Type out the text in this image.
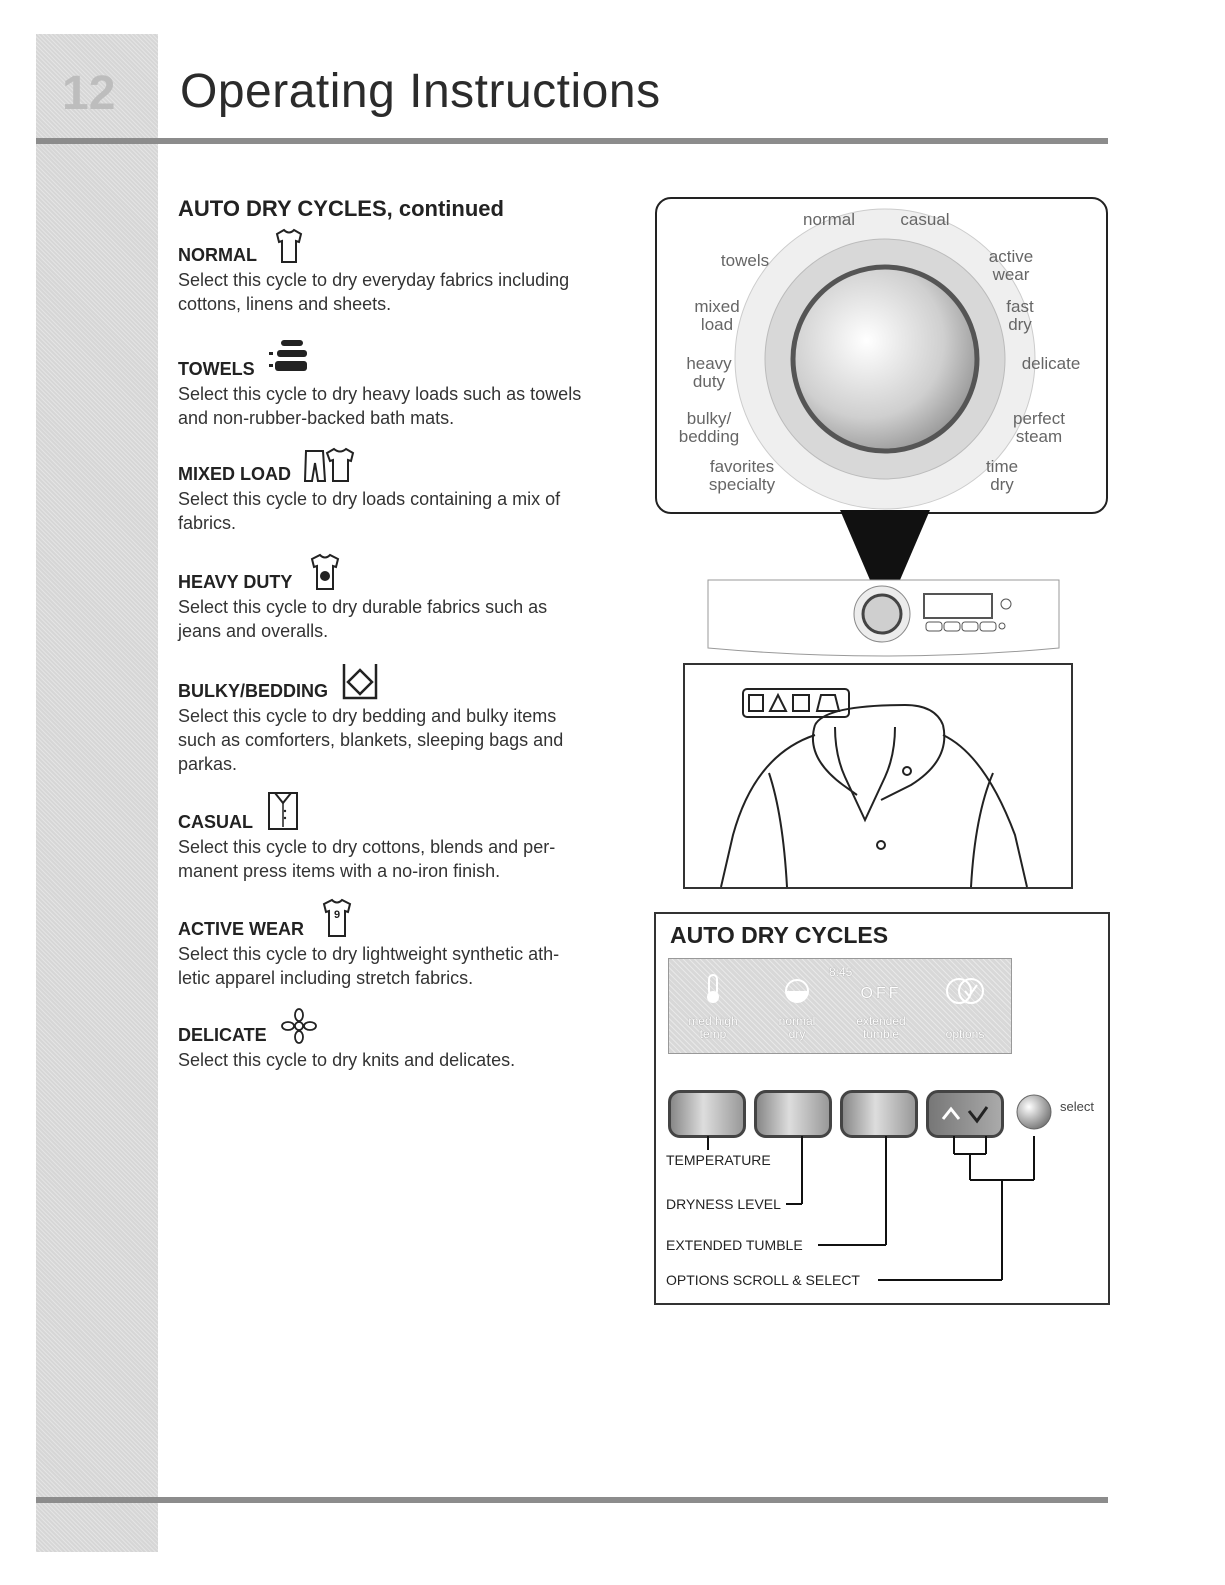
12 Operating Instructions
AUTO DRY CYCLES, continued
NORMAL
Select this cycle to dry everyday fabrics including
cottons, linens and sheets.
TOWELS
Select this cycle to dry heavy loads such as towels
and non-rubber-backed bath mats.
MIXED LOAD
Select this cycle to dry loads containing a mix of
fabrics.
HEAVY DUTY
Select this cycle to dry durable fabrics such as
jeans and overalls.
BULKY/BEDDING
Select this cycle to dry bedding and bulky items
such as comforters, blankets, sleeping bags and
parkas.
CASUAL
Select this cycle to dry cottons, blends and per-
manent press items with a no-iron finish.
ACTIVE WEAR
9
Select this cycle to dry lightweight synthetic ath-
letic apparel including stretch fabrics.
DELICATE
Select this cycle to dry knits and delicates.
normal	casual
towels	active
wear
mixed
load
fast
dry
heavy
duty
delicate
bulky/
bedding
perfect
steam
favorites
specialty
time
dry
AUTO DRY CYCLES
8:45
med high
temp
normal
dry
OFF
extended
tumble	options
select
TEMPERATURE
DRYNESS LEVEL
EXTENDED TUMBLE
OPTIONS SCROLL & SELECT
